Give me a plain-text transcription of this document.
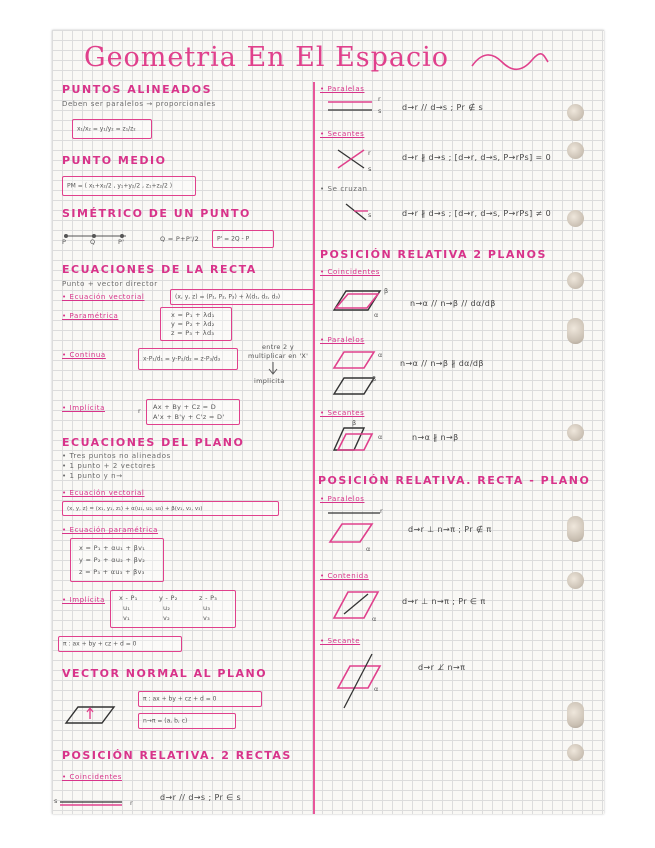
Geometria En El Espacio
PUNTOS ALINEADOS
Deben ser paralelos → proporcionales
x₁/x₂ = y₁/y₂ = z₁/z₂
PUNTO MEDIO
PM = ( x₁+x₂/2 , y₁+y₂/2 , z₁+z₂/2 )
SIMÉTRICO DE UN PUNTO
P	Q	P'	Q = P+P'/2	P' = 2Q - P
ECUACIONES DE LA RECTA
Punto + vector director
• Ecuación vectorial	(x, y, z) = (P₁, P₂, P₃) + λ(d₁, d₂, d₃)
• Paramétrica	x = P₁ + λd₁
y = P₂ + λd₂
z = P₃ + λd₃
• Continua	x-P₁/d₁ = y-P₂/d₂ = z-P₃/d₃
entre 2 y
multiplicar en 'X'
implicita
• Implícita	r Ax + By + Cz = D
A'x + B'y + C'z = D'
ECUACIONES DEL PLANO
• Tres puntos no alineados
• 1 punto + 2 vectores
• 1 punto y n→
• Ecuación vectorial
(x, y, z) = (x₁, y₁, z₁) + α(u₁, u₂, u₃) + β(v₁, v₂, v₃)
• Ecuación paramétrica
x = P₁ + αu₁ + βv₁
y = P₂ + αu₂ + βv₂
z = P₃ + αu₃ + βv₃
• Implícita x - P₁	y - P₂	z - P₃
u₁	u₂	u₃
v₁	v₂	v₃
π : ax + by + cz + d = 0
VECTOR NORMAL AL PLANO
π : ax + by + cz + d = 0
n→π = (a, b, c)
POSICIÓN RELATIVA. 2 RECTAS
• Coincidentes
s	r
d→r // d→s ; Pr ∈ s
• Paralelas
r
s	d→r // d→s ; Pr ∉ s
• Secantes
r
s
d→r ∦ d→s ; [d→r, d→s, P→rPs] = 0
• Se cruzan
s	d→r ∦ d→s ; [d→r, d→s, P→rPs] ≠ 0
POSICIÓN RELATIVA 2 PLANOS
• Coincidentes
β
α
n→α // n→β // dα/dβ
• Paralelos
α
β
n→α // n→β ∦ dα/dβ
• Secantes
β
α	n→α ∦ n→β
POSICIÓN RELATIVA. RECTA - PLANO
• Paralelos
r
α
d→r ⊥ n→π ; Pr ∉ π
• Contenida
α
d→r ⊥ n→π ; Pr ∈ π
• Secante
α
d→r ⊥̸ n→π
